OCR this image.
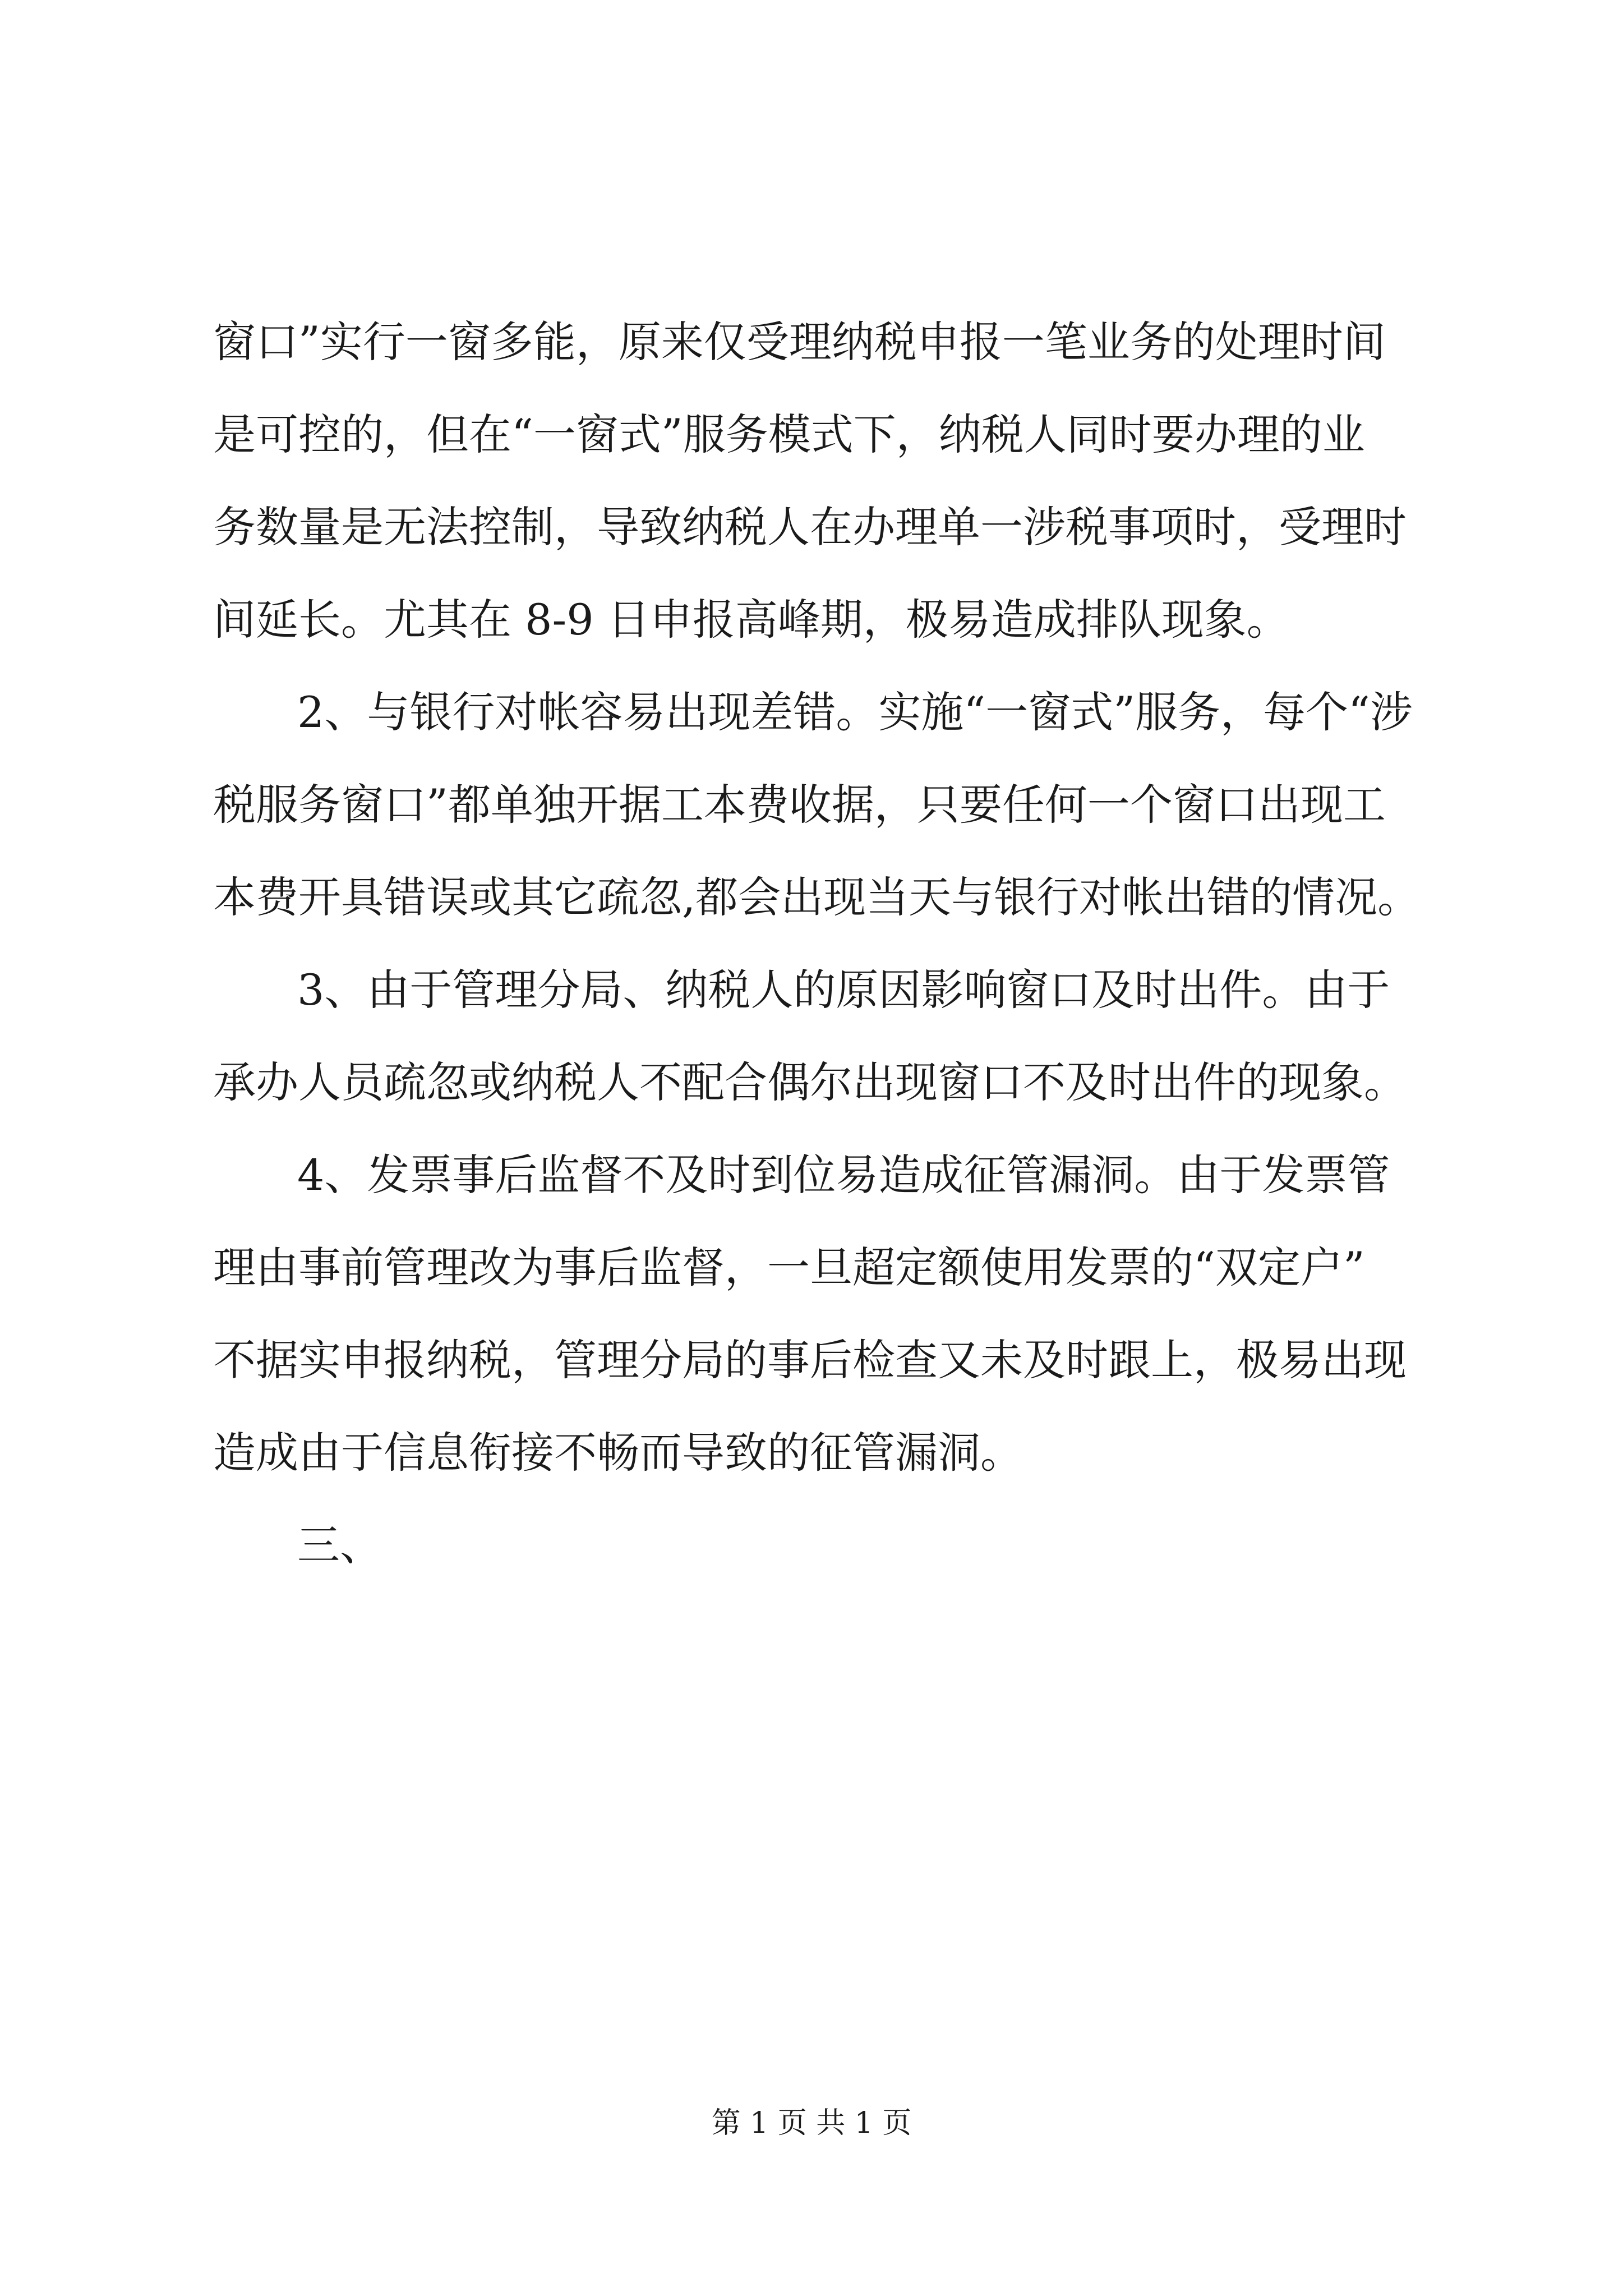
窗口”实行一窗多能，原来仅受理纳税申报一笔业务的处理时间
是可控的，但在“一窗式”服务模式下，纳税人同时要办理的业
务数量是无法控制，导致纳税人在办理单一涉税事项时，受理时
间延长。尤其在 8-9 日申报高峰期，极易造成排队现象。
2、与银行对帐容易出现差错。实施“一窗式”服务，每个“涉
税服务窗口”都单独开据工本费收据，只要任何一个窗口出现工
本费开具错误或其它疏忽,都会出现当天与银行对帐出错的情况。
3、由于管理分局、纳税人的原因影响窗口及时出件。由于
承办人员疏忽或纳税人不配合偶尔出现窗口不及时出件的现象。
4、发票事后监督不及时到位易造成征管漏洞。由于发票管
理由事前管理改为事后监督，一旦超定额使用发票的“双定户”
不据实申报纳税，管理分局的事后检查又未及时跟上，极易出现
造成由于信息衔接不畅而导致的征管漏洞。
三、
第 1 页 共 1 页
